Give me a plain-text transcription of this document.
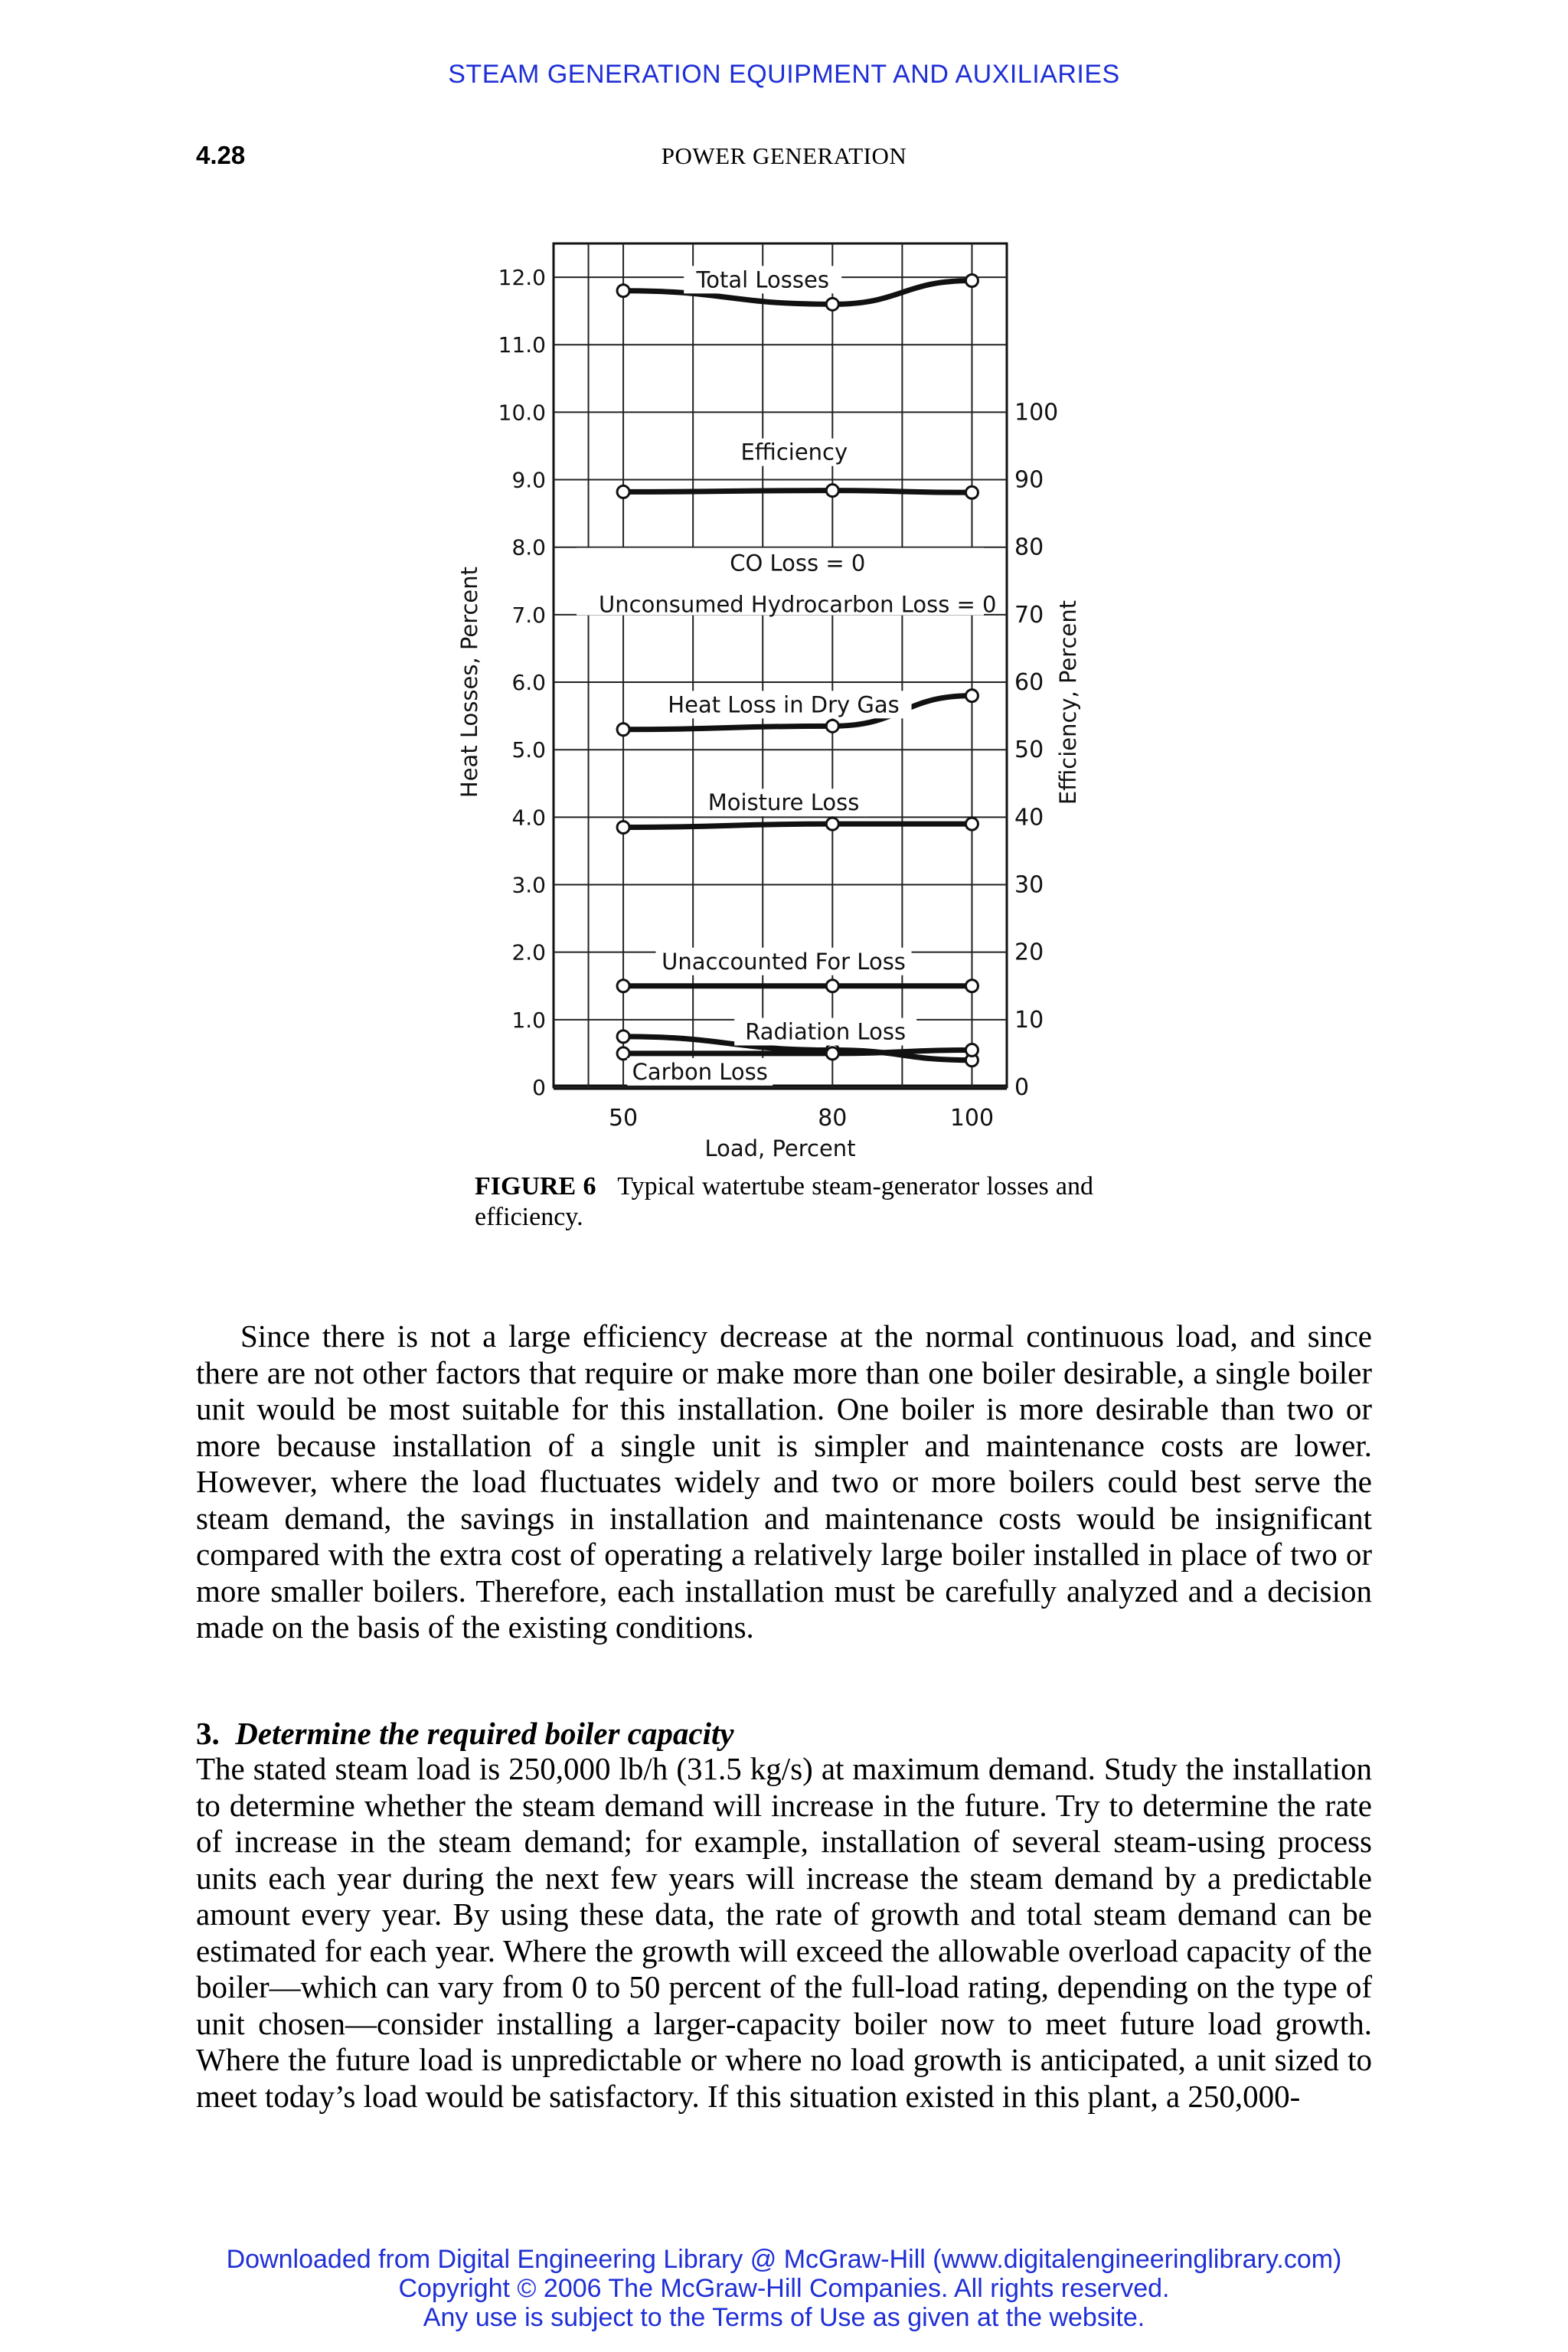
STEAM GENERATION EQUIPMENT AND AUXILIARIES
4.28	POWER GENERATION
0
1.0
2.0
3.0
4.0
5.0
6.0
7.0
8.0
9.0
10.0
11.0
12.0
0
10
20
30
40
50
60
70
80
90
100
50	80	100
Load, Percent
Heat Losses, Percent	Efficiency, Percent
Total Losses
Efficiency
Heat Loss in Dry Gas
Moisture Loss
Unaccounted For Loss
Radiation Loss
Carbon Loss
CO Loss = 0
Unconsumed Hydrocarbon Loss = 0
FIGURE 6 Typical watertube steam-generator losses and efficiency.
Since there is not a large efficiency decrease at the normal continuous load, and since there are not other factors that require or make more than one boiler desirable, a single boiler unit would be most suitable for this installation. One boiler is more desirable than two or more because installation of a single unit is simpler and maintenance costs are lower. However, where the load fluctuates widely and two or more boilers could best serve the steam demand, the savings in installation and maintenance costs would be insignificant compared with the extra cost of operating a relatively large boiler installed in place of two or more smaller boilers. Therefore, each installation must be carefully analyzed and a decision made on the basis of the existing conditions.
3. Determine the required boiler capacity
The stated steam load is 250,000 lb/h (31.5 kg/s) at maximum demand. Study the installation to determine whether the steam demand will increase in the future. Try to determine the rate of increase in the steam demand; for example, installation of several steam-using process units each year during the next few years will increase the steam demand by a predictable amount every year. By using these data, the rate of growth and total steam demand can be estimated for each year. Where the growth will exceed the allowable overload capacity of the boiler—which can vary from 0 to 50 percent of the full-load rating, depending on the type of unit chosen—consider installing a larger-capacity boiler now to meet future load growth. Where the future load is unpredictable or where no load growth is anticipated, a unit sized to meet today’s load would be satisfactory. If this situation existed in this plant, a 250,000-
Downloaded from Digital Engineering Library @ McGraw-Hill (www.digitalengineeringlibrary.com)
Copyright © 2006 The McGraw-Hill Companies. All rights reserved.
Any use is subject to the Terms of Use as given at the website.
